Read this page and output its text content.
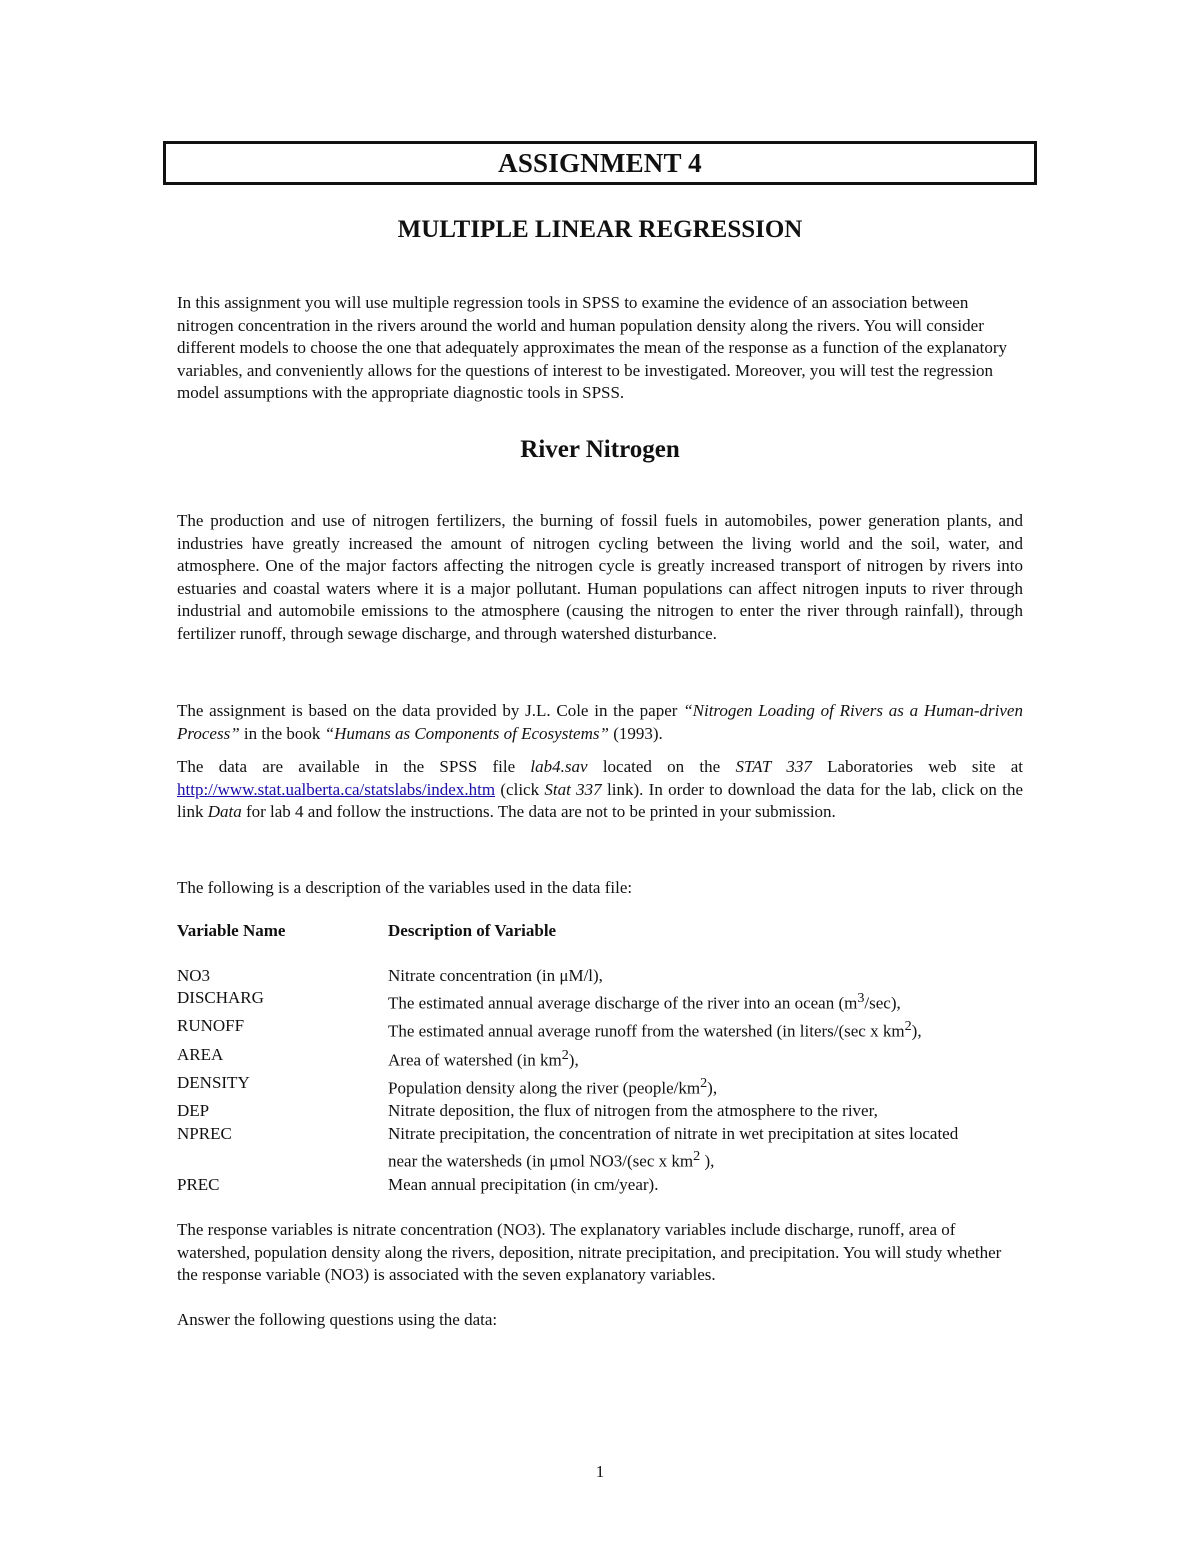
ASSIGNMENT 4
MULTIPLE LINEAR REGRESSION

In this assignment you will use multiple regression tools in SPSS to examine the evidence of an association between nitrogen concentration in the rivers around the world and human population density along the rivers. You will consider different models to choose the one that adequately approximates the mean of the response as a function of the explanatory variables, and conveniently allows for the questions of interest to be investigated. Moreover, you will test the regression model assumptions with the appropriate diagnostic tools in SPSS.

River Nitrogen

The production and use of nitrogen fertilizers, the burning of fossil fuels in automobiles, power generation plants, and industries have greatly increased the amount of nitrogen cycling between the living world and the soil, water, and atmosphere. One of the major factors affecting the nitrogen cycle is greatly increased transport of nitrogen by rivers into estuaries and coastal waters where it is a major pollutant. Human populations can affect nitrogen inputs to river through industrial and automobile emissions to the atmosphere (causing the nitrogen to enter the river through rainfall), through fertilizer runoff, through sewage discharge, and through watershed disturbance.

The assignment is based on the data provided by J.L. Cole in the paper “Nitrogen Loading of Rivers as a Human-driven Process” in the book “Humans as Components of Ecosystems” (1993).

The data are available in the SPSS file lab4.sav located on the STAT 337 Laboratories web site at http://www.stat.ualberta.ca/statslabs/index.htm (click Stat 337 link). In order to download the data for the lab, click on the link Data for lab 4 and follow the instructions. The data are not to be printed in your submission.

The following is a description of the variables used in the data file:

Variable Name	Description of Variable
NO3	Nitrate concentration (in μM/l),
DISCHARG	The estimated annual average discharge of the river into an ocean $(m^3/\sec)$,
RUNOFF	The estimated annual average runoff from the watershed (in liters/(sec x $km^2$),
AREA	Area of watershed (in $km^2$),
DENSITY	Population density along the river $(people/km^2)$,
DEP	Nitrate deposition, the flux of nitrogen from the atmosphere to the river,
NPREC	Nitrate precipitation, the concentration of nitrate in wet precipitation at sites located
near the watersheds (in μmol NO3/(sec x $km^2$ ),
PREC	Mean annual precipitation (in cm/year).

The response variables is nitrate concentration (NO3). The explanatory variables include discharge, runoff, area of watershed, population density along the rivers, deposition, nitrate precipitation, and precipitation. You will study whether the response variable (NO3) is associated with the seven explanatory variables.

Answer the following questions using the data:

1
